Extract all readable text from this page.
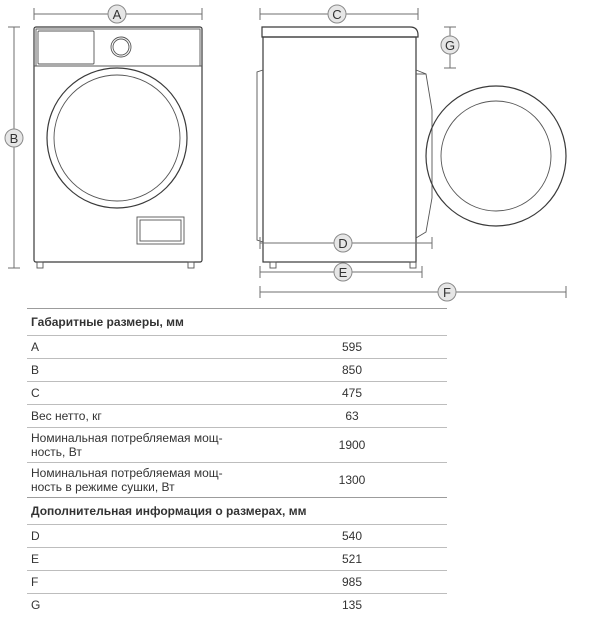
A
B
C
G
D
E
F
Габаритные размеры, мм	
A	595
B	850
C	475
Вес нетто, кг	63
Номинальная потребляемая мощ-
ность, Вт	1900
Номинальная потребляемая мощ-
ность в режиме сушки, Вт	1300
Дополнительная информация о размерах, мм	
D	540
E	521
F	985
G	135
